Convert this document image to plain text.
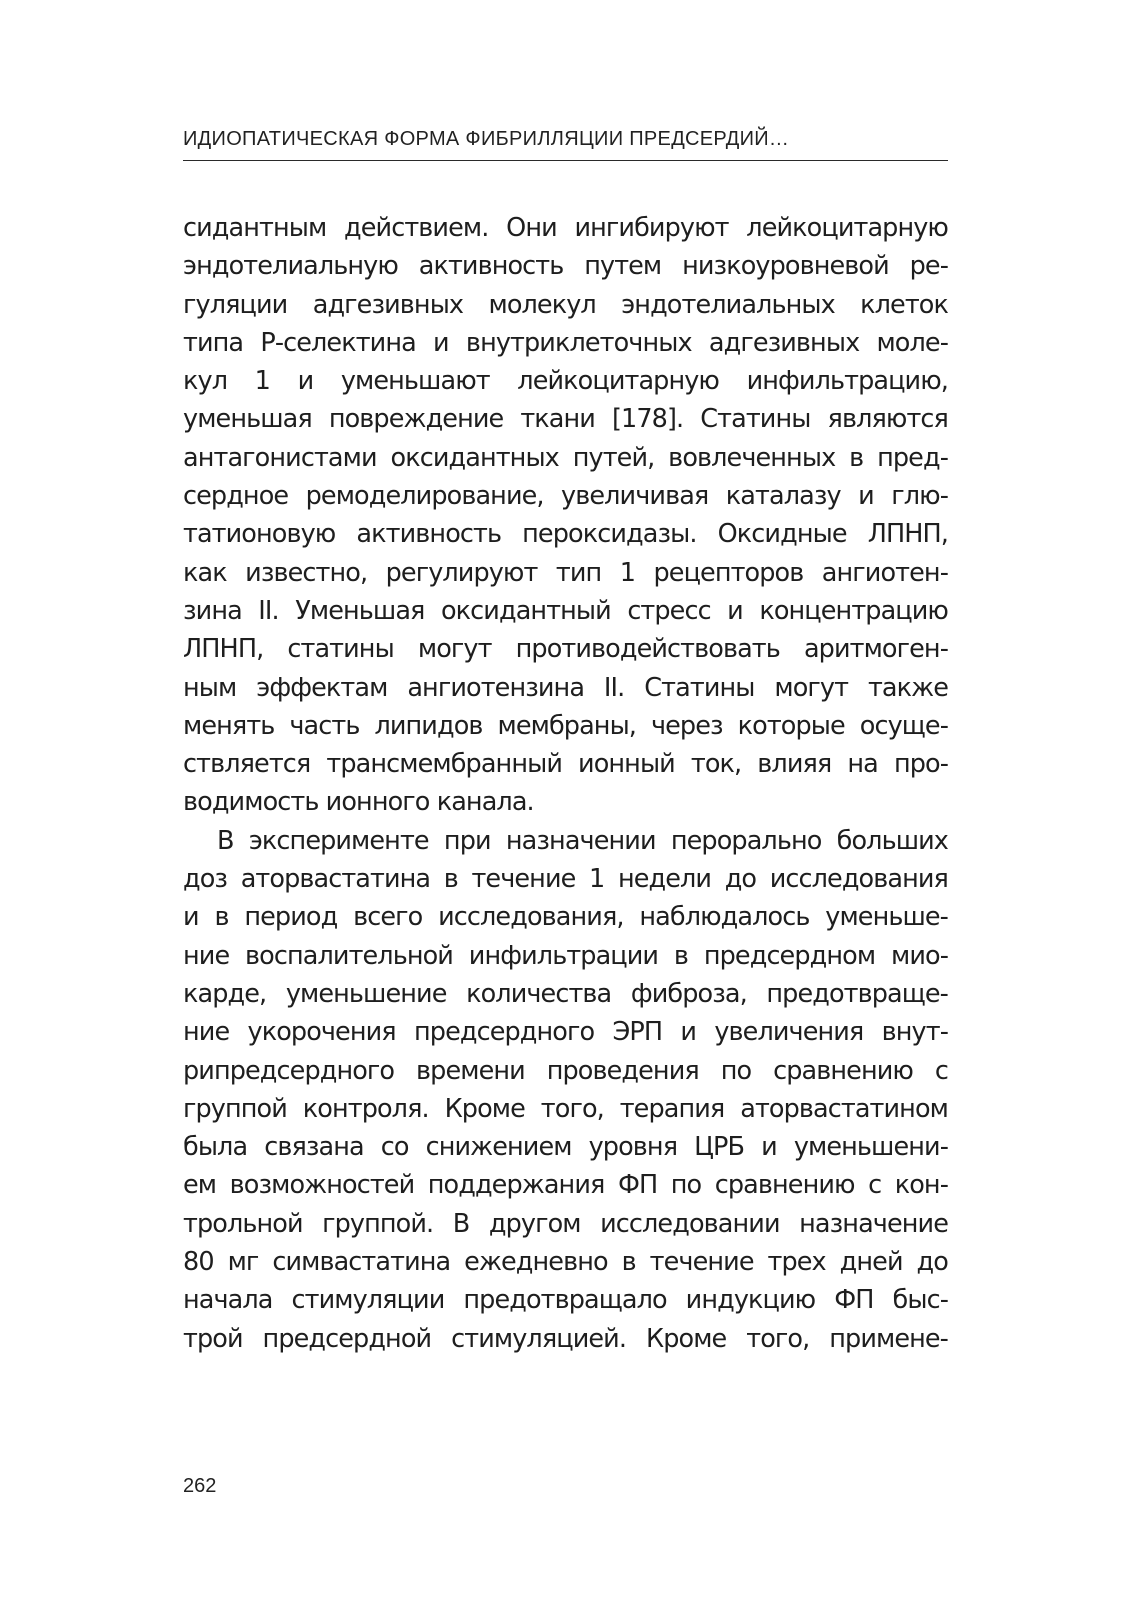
ИДИОПАТИЧЕСКАЯ ФОРМА ФИБРИЛЛЯЦИИ ПРЕДСЕРДИЙ…
сидантным действием. Они ингибируют лейкоцитарную
эндотелиальную активность путем низкоуровневой ре-
гуляции адгезивных молекул эндотелиальных клеток
типа Р-селектина и внутриклеточных адгезивных моле-
кул 1 и уменьшают лейкоцитарную инфильтрацию,
уменьшая повреждение ткани [178]. Статины являются
антагонистами оксидантных путей, вовлеченных в пред-
сердное ремоделирование, увеличивая каталазу и глю-
татионовую активность пероксидазы. Оксидные ЛПНП,
как известно, регулируют тип 1 рецепторов ангиотен-
зина II. Уменьшая оксидантный стресс и концентрацию
ЛПНП, статины могут противодействовать аритмоген-
ным эффектам ангиотензина II. Статины могут также
менять часть липидов мембраны, через которые осуще-
ствляется трансмембранный ионный ток, влияя на про-
водимость ионного канала.
В эксперименте при назначении перорально больших
доз аторвастатина в течение 1 недели до исследования
и в период всего исследования, наблюдалось уменьше-
ние воспалительной инфильтрации в предсердном мио-
карде, уменьшение количества фиброза, предотвраще-
ние укорочения предсердного ЭРП и увеличения внут-
рипредсердного времени проведения по сравнению с
группой контроля. Кроме того, терапия аторвастатином
была связана со снижением уровня ЦРБ и уменьшени-
ем возможностей поддержания ФП по сравнению с кон-
трольной группой. В другом исследовании назначение
80 мг симвастатина ежедневно в течение трех дней до
начала стимуляции предотвращало индукцию ФП быс-
трой предсердной стимуляцией. Кроме того, примене-
262
